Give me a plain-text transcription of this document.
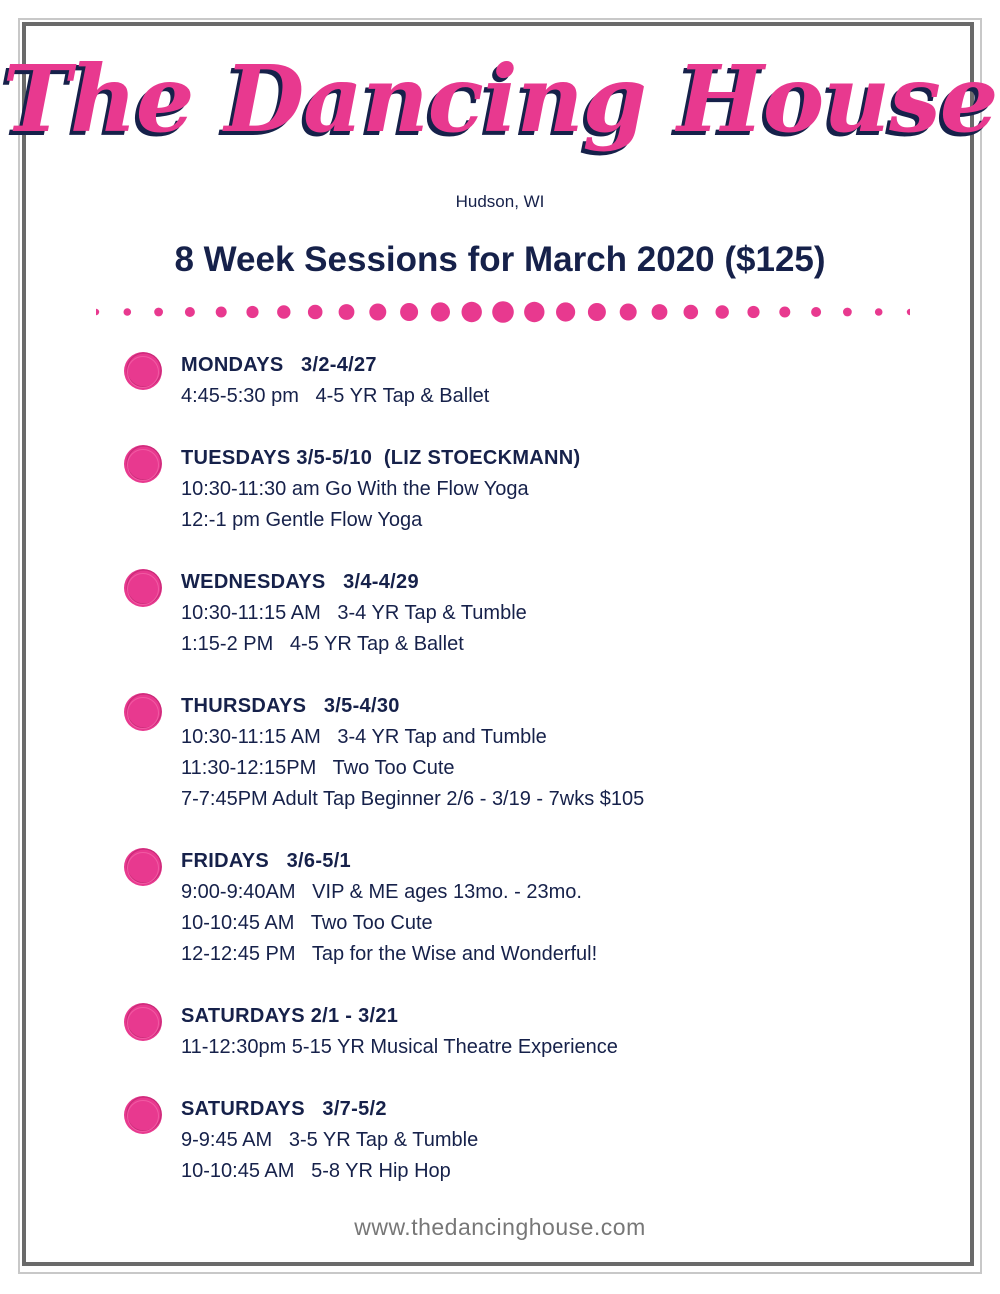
The Dancing House
Hudson, WI
8 Week Sessions for March 2020 ($125)
MONDAYS   3/2-4/27
4:45-5:30 pm   4-5 YR Tap & Ballet
TUESDAYS 3/5-5/10  (LIZ STOECKMANN)
10:30-11:30 am Go With the Flow Yoga
12:-1 pm Gentle Flow Yoga
WEDNESDAYS   3/4-4/29
10:30-11:15 AM   3-4 YR Tap & Tumble
1:15-2 PM   4-5 YR Tap & Ballet
THURSDAYS   3/5-4/30
10:30-11:15 AM   3-4 YR Tap and Tumble
11:30-12:15PM   Two Too Cute
7-7:45PM Adult Tap Beginner 2/6 - 3/19 - 7wks $105
FRIDAYS   3/6-5/1
9:00-9:40AM   VIP & ME ages 13mo. - 23mo.
10-10:45 AM   Two Too Cute
12-12:45 PM   Tap for the Wise and Wonderful!
SATURDAYS 2/1 - 3/21
11-12:30pm 5-15 YR Musical Theatre Experience
SATURDAYS   3/7-5/2
9-9:45 AM   3-5 YR Tap & Tumble
10-10:45 AM   5-8 YR Hip Hop
www.thedancinghouse.com
